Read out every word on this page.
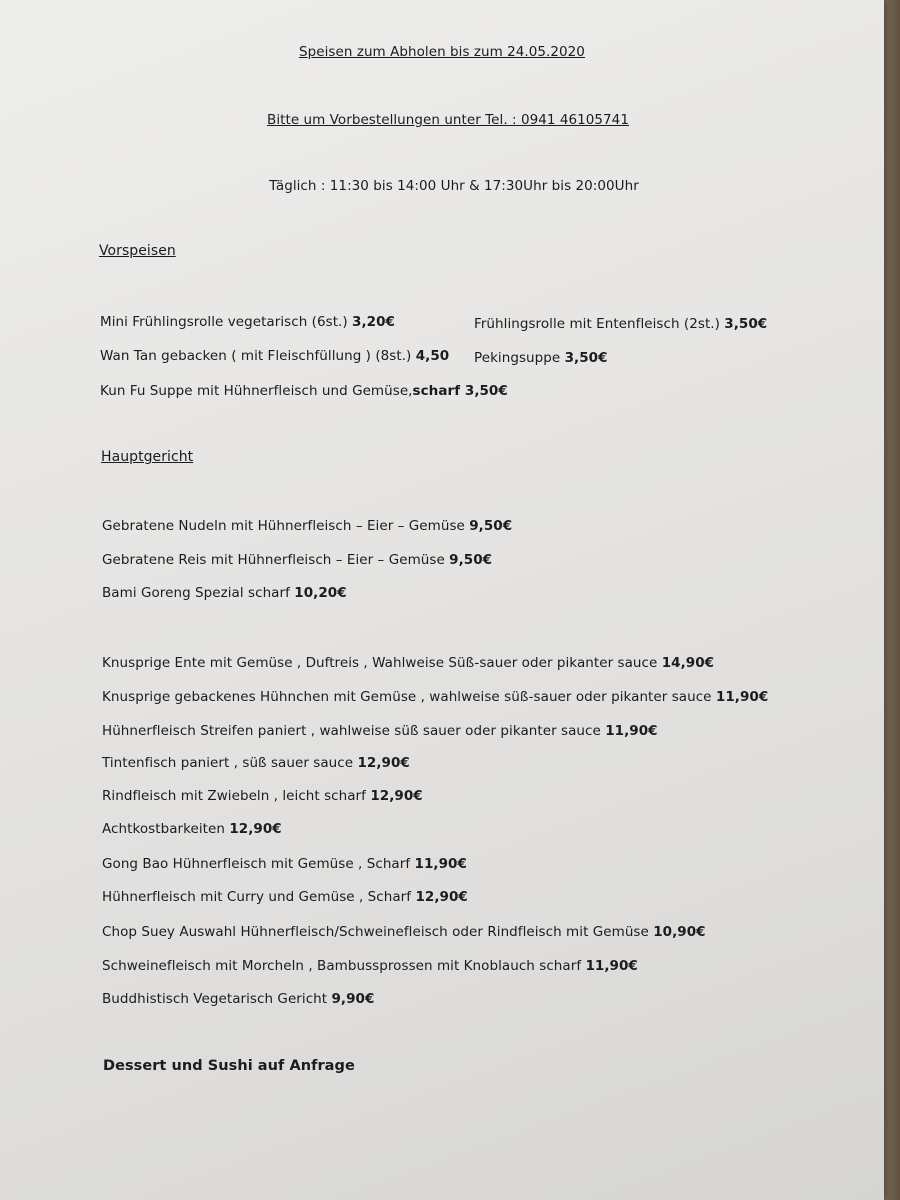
Speisen zum Abholen bis zum 24.05.2020
Bitte um Vorbestellungen unter Tel. : 0941 46105741
Täglich : 11:30 bis 14:00 Uhr & 17:30Uhr bis 20:00Uhr
Vorspeisen
Mini Frühlingsrolle vegetarisch (6st.) 3,20€	Frühlingsrolle mit Entenfleisch (2st.) 3,50€
Wan Tan gebacken ( mit Fleischfüllung ) (8st.) 4,50 Pekingsuppe 3,50€
Kun Fu Suppe mit Hühnerfleisch und Gemüse,scharf 3,50€
Hauptgericht
Gebratene Nudeln mit Hühnerfleisch – Eier – Gemüse 9,50€
Gebratene Reis mit Hühnerfleisch – Eier – Gemüse 9,50€
Bami Goreng Spezial scharf 10,20€
Knusprige Ente mit Gemüse , Duftreis , Wahlweise Süß-sauer oder pikanter sauce 14,90€
Knusprige gebackenes Hühnchen mit Gemüse , wahlweise süß-sauer oder pikanter sauce 11,90€
Hühnerfleisch Streifen paniert , wahlweise süß sauer oder pikanter sauce 11,90€
Tintenfisch paniert , süß sauer sauce 12,90€
Rindfleisch mit Zwiebeln , leicht scharf 12,90€
Achtkostbarkeiten 12,90€
Gong Bao Hühnerfleisch mit Gemüse , Scharf 11,90€
Hühnerfleisch mit Curry und Gemüse , Scharf 12,90€
Chop Suey Auswahl Hühnerfleisch/Schweinefleisch oder Rindfleisch mit Gemüse 10,90€
Schweinefleisch mit Morcheln , Bambussprossen mit Knoblauch scharf 11,90€
Buddhistisch Vegetarisch Gericht 9,90€
Dessert und Sushi auf Anfrage
